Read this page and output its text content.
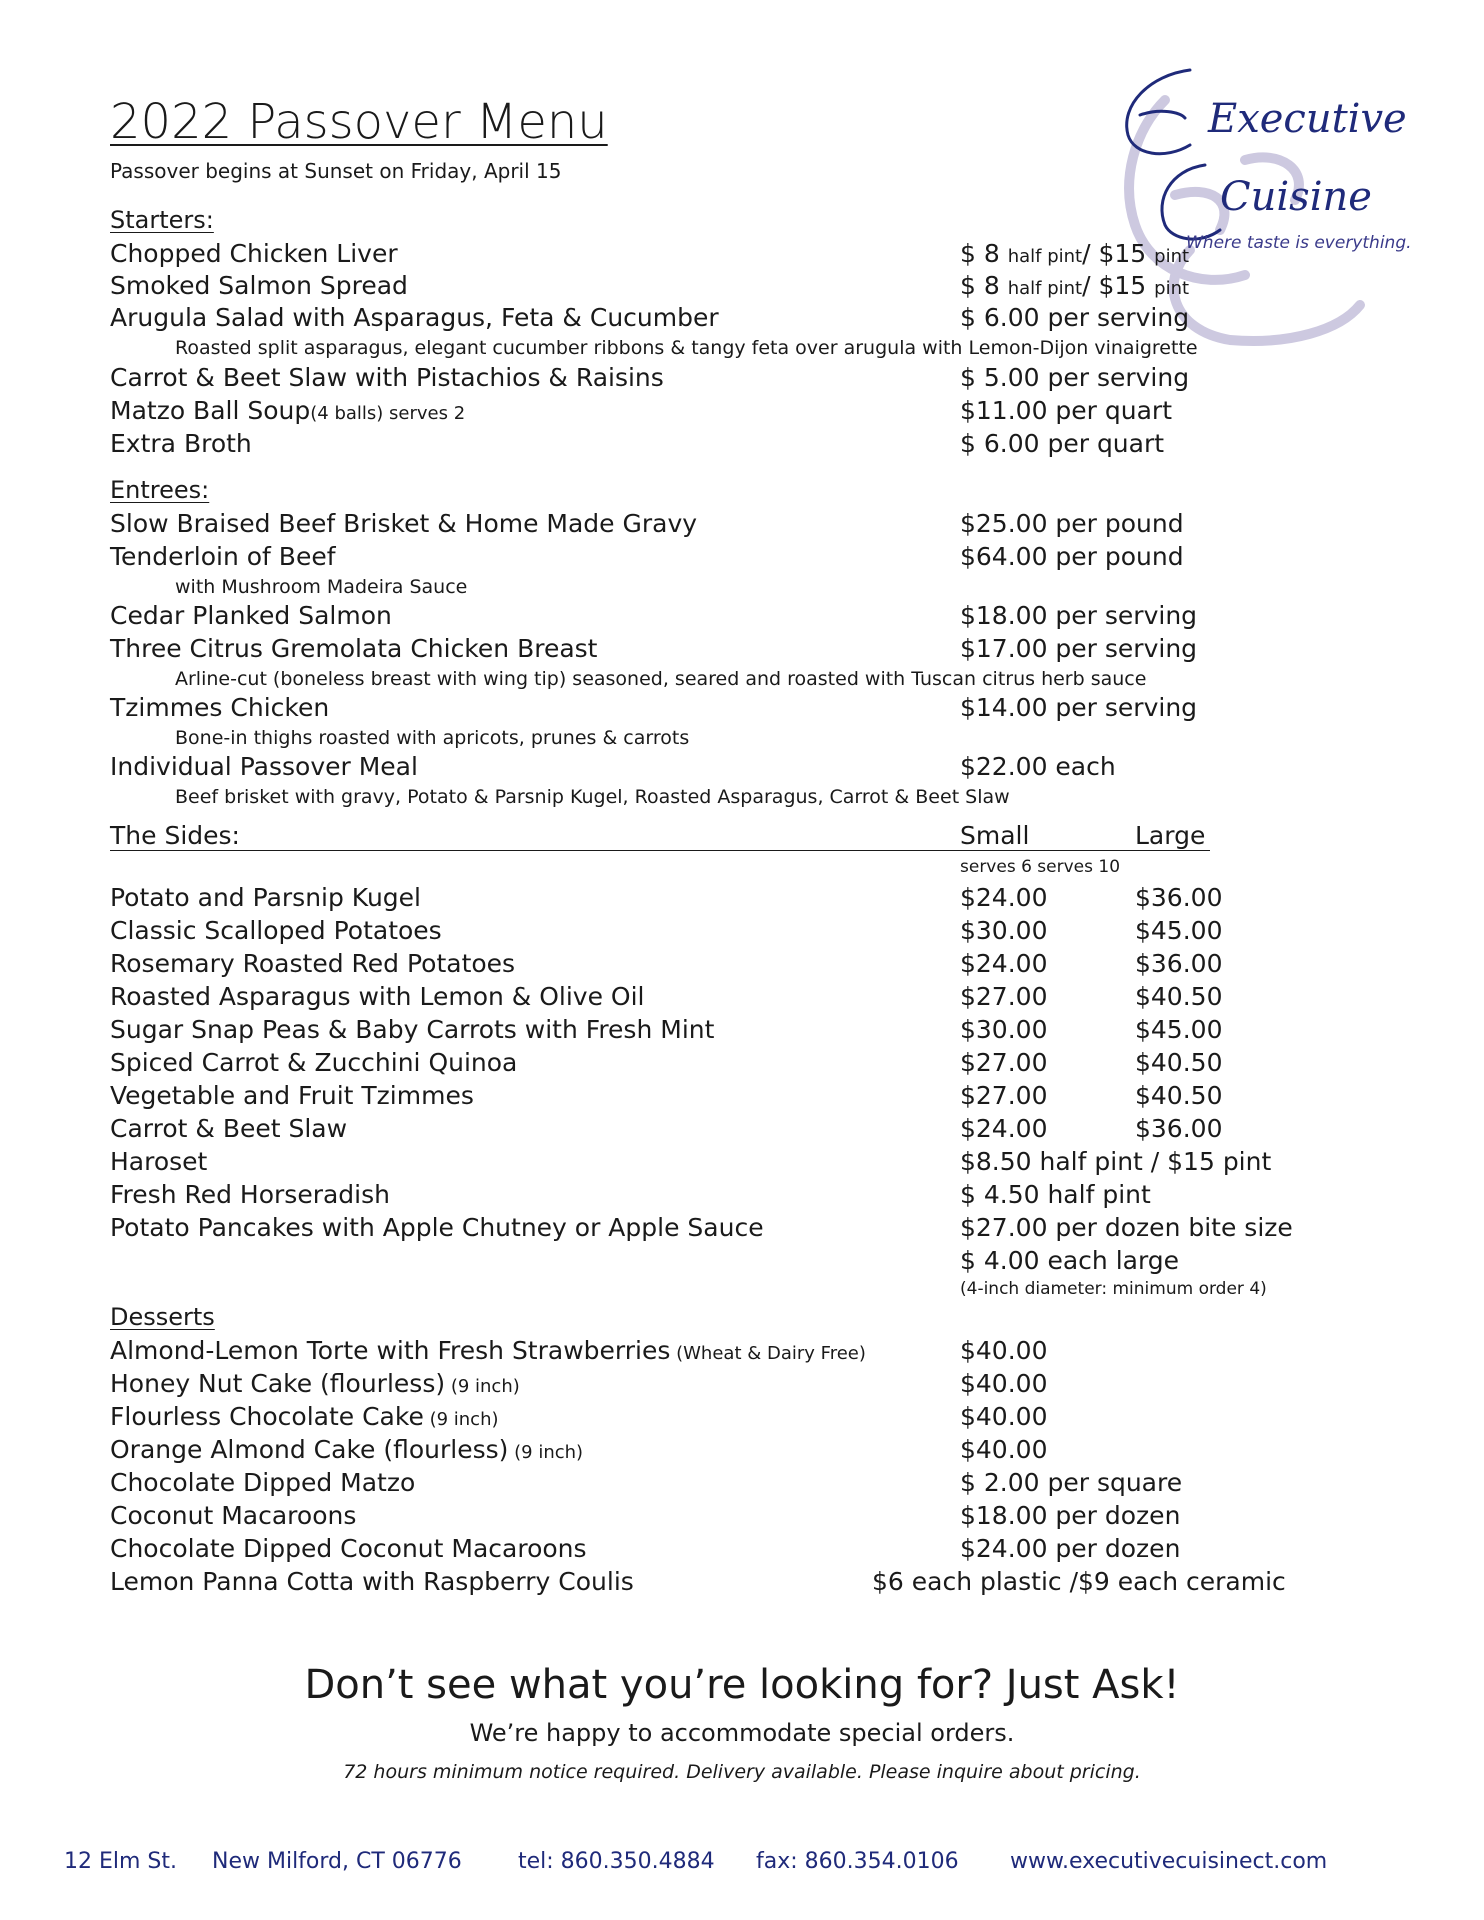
Executive
Cuisine
Where taste is everything.
2022 Passover Menu
Passover begins at Sunset on Friday, April 15
Starters:
Chopped Chicken Liver	$ 8 half pint/ $15 pint
Smoked Salmon Spread	$ 8 half pint/ $15 pint
Arugula Salad with Asparagus, Feta & Cucumber	$ 6.00 per serving
Roasted split asparagus, elegant cucumber ribbons & tangy feta over arugula with Lemon-Dijon vinaigrette
Carrot & Beet Slaw with Pistachios & Raisins	$ 5.00 per serving
Matzo Ball Soup(4 balls) serves 2	$11.00 per quart
Extra Broth	$ 6.00 per quart
Entrees:
Slow Braised Beef Brisket & Home Made Gravy	$25.00 per pound
Tenderloin of Beef	$64.00 per pound
with Mushroom Madeira Sauce
Cedar Planked Salmon	$18.00 per serving
Three Citrus Gremolata Chicken Breast	$17.00 per serving
Arline-cut (boneless breast with wing tip) seasoned, seared and roasted with Tuscan citrus herb sauce
Tzimmes Chicken	$14.00 per serving
Bone-in thighs roasted with apricots, prunes & carrots
Individual Passover Meal	$22.00 each
Beef brisket with gravy, Potato & Parsnip Kugel, Roasted Asparagus, Carrot & Beet Slaw
The Sides:	Small	Large
serves 6 serves 10
Potato and Parsnip Kugel	$24.00	$36.00
Classic Scalloped Potatoes	$30.00	$45.00
Rosemary Roasted Red Potatoes	$24.00	$36.00
Roasted Asparagus with Lemon & Olive Oil	$27.00	$40.50
Sugar Snap Peas & Baby Carrots with Fresh Mint	$30.00	$45.00
Spiced Carrot & Zucchini Quinoa	$27.00	$40.50
Vegetable and Fruit Tzimmes	$27.00	$40.50
Carrot & Beet Slaw	$24.00	$36.00
Haroset	$8.50 half pint / $15 pint
Fresh Red Horseradish	$ 4.50 half pint
Potato Pancakes with Apple Chutney or Apple Sauce	$27.00 per dozen bite size
$ 4.00 each large
(4-inch diameter: minimum order 4)
Desserts
Almond-Lemon Torte with Fresh Strawberries (Wheat & Dairy Free)	$40.00
Honey Nut Cake (flourless) (9 inch)	$40.00
Flourless Chocolate Cake (9 inch)	$40.00
Orange Almond Cake (flourless) (9 inch)	$40.00
Chocolate Dipped Matzo	$ 2.00 per square
Coconut Macaroons	$18.00 per dozen
Chocolate Dipped Coconut Macaroons	$24.00 per dozen
Lemon Panna Cotta with Raspberry Coulis	$6 each plastic /$9 each ceramic
Don’t see what you’re looking for? Just Ask!
We’re happy to accommodate special orders.
72 hours minimum notice required. Delivery available. Please inquire about pricing.
12 Elm St. New Milford, CT 06776	tel: 860.350.4884 fax: 860.354.0106 www.executivecuisinect.com
